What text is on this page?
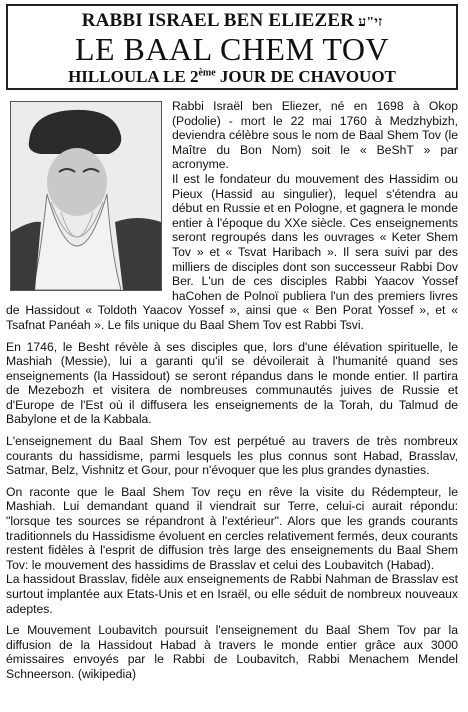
RABBI ISRAEL BEN ELIEZER זי"ע
LE BAAL CHEM TOV
HILLOULA LE 2ème JOUR DE CHAVOUOT

Rabbi Israël ben Eliezer, né en 1698 à Okop (Podolie) - mort le 22 mai 1760 à Medzhybizh, deviendra célèbre sous le nom de Baal Shem Tov (le Maître du Bon Nom) soit le « BeShT » par acronyme.

Il est le fondateur du mouvement des Hassidim ou Pieux (Hassid au singulier), lequel s'étendra au début en Russie et en Pologne, et gagnera le monde entier à l'époque du XXe siècle. Ces enseignements seront regroupés dans les ouvrages « Keter Shem Tov » et « Tsvat Haribach ». Il sera suivi par des milliers de disciples dont son successeur Rabbi Dov Ber. L'un de ces disciples Rabbi Yaacov Yossef haCohen de Polnoï publiera l'un des premiers livres de Hassidout « Toldoth Yaacov Yossef », ainsi que « Ben Porat Yossef », et « Tsafnat Panéah ». Le fils unique du Baal Shem Tov est Rabbi Tsvi.

En 1746, le Besht révèle à ses disciples que, lors d'une élévation spirituelle, le Mashiah (Messie), lui a garanti qu'il se dévoilerait à l'humanité quand ses enseignements (la Hassidout) se seront répandus dans le monde entier. Il partira de Mezebozh et visitera de nombreuses communautés juives de Russie et d'Europe de l'Est où il diffusera les enseignements de la Torah, du Talmud de Babylone et de la Kabbala.

L'enseignement du Baal Shem Tov est perpétué au travers de très nombreux courants du hassidisme, parmi lesquels les plus connus sont Habad, Brasslav, Satmar, Belz, Vishnitz et Gour, pour n'évoquer que les plus grandes dynasties.

On raconte que le Baal Shem Tov reçu en rêve la visite du Rédempteur, le Mashiah. Lui demandant quand il viendrait sur Terre, celui-ci aurait répondu: "lorsque tes sources se répandront à l'extérieur". Alors que les grands courants traditionnels du Hassidisme évoluent en cercles relativement fermés, deux courants restent fidèles à l'esprit de diffusion très large des enseignements du Baal Shem Tov: le mouvement des hassidims de Brasslav et celui des Loubavitch (Habad).

La hassidout Brasslav, fidèle aux enseignements de Rabbi Nahman de Brasslav est surtout implantée aux Etats-Unis et en Israël, ou elle séduit de nombreux nouveaux adeptes.

Le Mouvement Loubavitch poursuit l'enseignement du Baal Shem Tov par la diffusion de la Hassidout Habad à travers le monde entier grâce aux 3000 émissaires envoyés par le Rabbi de Loubavitch, Rabbi Menachem Mendel Schneerson. (wikipedia)
